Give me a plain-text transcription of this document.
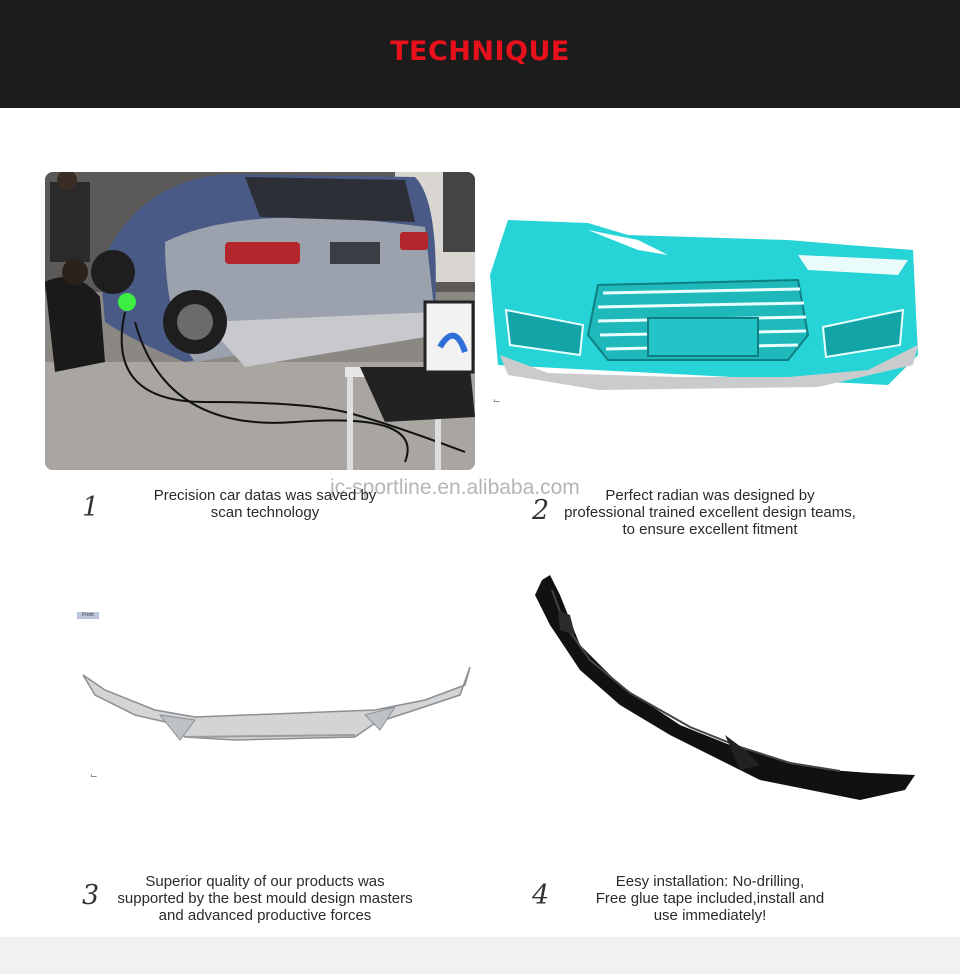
TECHNIQUE
⌙
jc-sportline.en.alibaba.com
1	Precision car datas was saved by
scan technology	2	Perfect radian was designed by
professional trained excellent design teams,
to ensure excellent fitment
Front
⌙
3	Superior quality of our products was
supported by the best mould design masters
and advanced productive forces
4	Eesy installation: No-drilling,
Free glue tape included,install and
use immediately!
